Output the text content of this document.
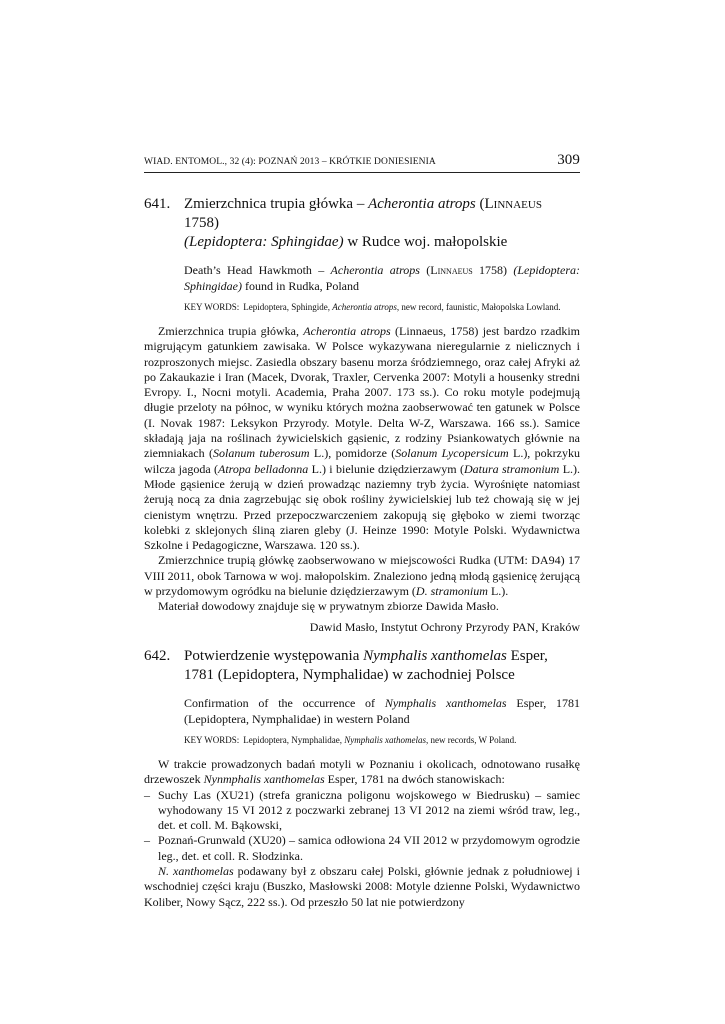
WIAD. ENTOMOL., 32 (4): POZNAŃ 2013 – KRÓTKIE DONIESIENIA	309
641. Zmierzchnica trupia główka – Acherontia atrops (Linnaeus 1758)
(Lepidoptera: Sphingidae) w Rudce woj. małopolskie
Death’s Head Hawkmoth – Acherontia atrops (Linnaeus 1758) (Lepidoptera: Sphingidae) found in Rudka, Poland
KEY WORDS: Lepidoptera, Sphingide, Acherontia atrops, new record, faunistic, Małopolska Lowland.

Zmierzchnica trupia główka, Acherontia atrops (Linnaeus, 1758) jest bardzo rzadkim migrującym gatunkiem zawisaka. W Polsce wykazywana nieregularnie z nielicznych i rozproszonych miejsc. Zasiedla obszary basenu morza śródziemnego, oraz całej Afryki aż po Zakaukazie i Iran (Macek, Dvorak, Traxler, Cervenka 2007: Motyli a housenky stredni Evropy. I., Nocni motyli. Academia, Praha 2007. 173 ss.). Co roku motyle podejmują długie przeloty na północ, w wyniku których można zaobserwować ten gatunek w Polsce (I. Novak 1987: Leksykon Przyrody. Motyle. Delta W-Z, Warszawa. 166 ss.). Samice składają jaja na roślinach żywicielskich gąsienic, z rodziny Psiankowatych głównie na ziemniakach (Solanum tuberosum L.), pomidorze (Solanum Lycopersicum L.), pokrzyku wilcza jagoda (Atropa belladonna L.) i bielunie dziędzierzawym (Datura stramonium L.). Młode gąsienice żerują w dzień prowadząc naziemny tryb życia. Wyrośnięte natomiast żerują nocą za dnia zagrzebując się obok rośliny żywicielskiej lub też chowają się w jej cienistym wnętrzu. Przed przepoczwarczeniem zakopują się głęboko w ziemi tworząc kolebki z sklejonych śliną ziaren gleby (J. Heinze 1990: Motyle Polski. Wydawnictwa Szkolne i Pedagogiczne, Warszawa. 120 ss.).

Zmierzchnice trupią główkę zaobserwowano w miejscowości Rudka (UTM: DA94) 17 VIII 2011, obok Tarnowa w woj. małopolskim. Znaleziono jedną młodą gąsienicę żerującą w przydomowym ogródku na bielunie dziędzierzawym (D. stramonium L.).

Materiał dowodowy znajduje się w prywatnym zbiorze Dawida Masło.

Dawid Masło, Instytut Ochrony Przyrody PAN, Kraków
642. Potwierdzenie występowania Nymphalis xanthomelas Esper, 1781 (Lepidoptera, Nymphalidae) w zachodniej Polsce
Confirmation of the occurrence of Nymphalis xanthomelas Esper, 1781 (Lepidoptera, Nymphalidae) in western Poland
KEY WORDS: Lepidoptera, Nymphalidae, Nymphalis xathomelas, new records, W Poland.

W trakcie prowadzonych badań motyli w Poznaniu i okolicach, odnotowano rusałkę drzewoszek Nynmphalis xanthomelas Esper, 1781 na dwóch stanowiskach:

– Suchy Las (XU21) (strefa graniczna poligonu wojskowego w Biedrusku) – samiec wyhodowany 15 VI 2012 z poczwarki zebranej 13 VI 2012 na ziemi wśród traw, leg., det. et coll. M. Bąkowski,
– Poznań-Grunwald (XU20) – samica odłowiona 24 VII 2012 w przydomowym ogrodzie leg., det. et coll. R. Słodzinka.

N. xanthomelas podawany był z obszaru całej Polski, głównie jednak z południowej i wschodniej części kraju (Buszko, Masłowski 2008: Motyle dzienne Polski, Wydawnictwo Koliber, Nowy Sącz, 222 ss.). Od przeszło 50 lat nie potwierdzony
